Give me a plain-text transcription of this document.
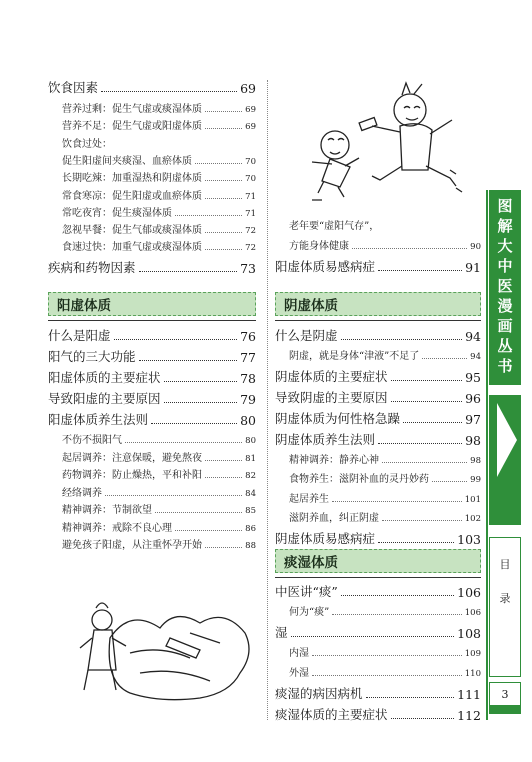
饮食因素	69
营养过剩：促生气虚或痰湿体质	69
营养不足：促生气虚或阳虚体质	69
饮食过处：
促生阳虚间夹痰湿、血瘀体质	70
长期吃辣：加重湿热和阴虚体质	70
常食寒凉：促生阳虚或血瘀体质	71
常吃夜宵：促生痰湿体质	71
忽视早餐：促生气郁或痰湿体质	72
食速过快：加重气虚或痰湿体质	72
疾病和药物因素	73
阳虚体质
什么是阳虚	76
阳气的三大功能	77
阳虚体质的主要症状	78
导致阳虚的主要原因	79
阳虚体质养生法则	80
不伤不损阳气	80
起居调养：注意保暖，避免熬夜	81
药物调养：防止燥热，平和补阳	82
经络调养	84
精神调养：节制欲望	85
精神调养：戒除不良心理	86
避免孩子阳虚，从注重怀孕开始	88
老年要“虚阳气存”，
方能身体健康	90
阳虚体质易感病症	91
阴虚体质
什么是阴虚	94
阴虚，就是身体“津液”不足了	94
阴虚体质的主要症状	95
导致阴虚的主要原因	96
阴虚体质为何性格急躁	97
阴虚体质养生法则	98
精神调养：静养心神	98
食物养生：滋阴补血的灵丹妙药	99
起居养生	101
滋阴养血，纠正阴虚	102
阴虚体质易感病症	103
痰湿体质
中医讲“痰”	106
何为“痰”	106
湿	108
内湿	109
外湿	110
痰湿的病因病机	111
痰湿体质的主要症状	112
图
解
大
中
医
漫
画
丛
书
目
录
3
